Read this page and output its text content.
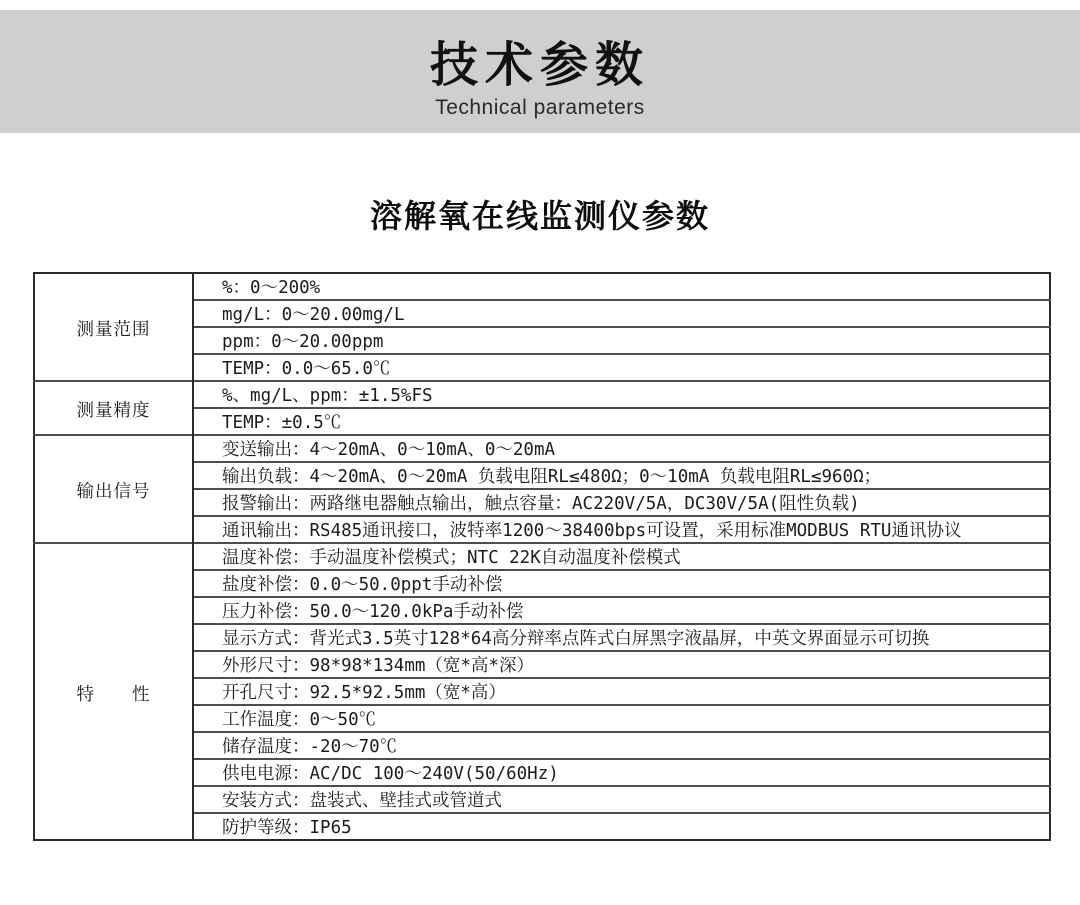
技术参数
Technical parameters
溶解氧在线监测仪参数
测量范围	%：0～200%
	mg/L：0～20.00mg/L
	ppm：0～20.00ppm
	TEMP：0.0～65.0℃
测量精度	%、mg/L、ppm：±1.5%FS
	TEMP：±0.5℃
输出信号	变送输出：4～20mA、0～10mA、0～20mA
	输出负载：4～20mA、0～20mA 负载电阻RL≤480Ω；0～10mA 负载电阻RL≤960Ω；
	报警输出：两路继电器触点输出，触点容量：AC220V/5A，DC30V/5A(阻性负载)
	通讯输出：RS485通讯接口，波特率1200～38400bps可设置，采用标准MODBUS RTU通讯协议
特　　性	温度补偿：手动温度补偿模式；NTC 22K自动温度补偿模式
	盐度补偿：0.0～50.0ppt手动补偿
	压力补偿：50.0～120.0kPa手动补偿
	显示方式：背光式3.5英寸128*64高分辩率点阵式白屏黑字液晶屏，中英文界面显示可切换
	外形尺寸：98*98*134mm（宽*高*深）
	开孔尺寸：92.5*92.5mm（宽*高）
	工作温度：0～50℃
	储存温度：-20～70℃
	供电电源：AC/DC 100～240V(50/60Hz)
	安装方式：盘装式、壁挂式或管道式
	防护等级：IP65
